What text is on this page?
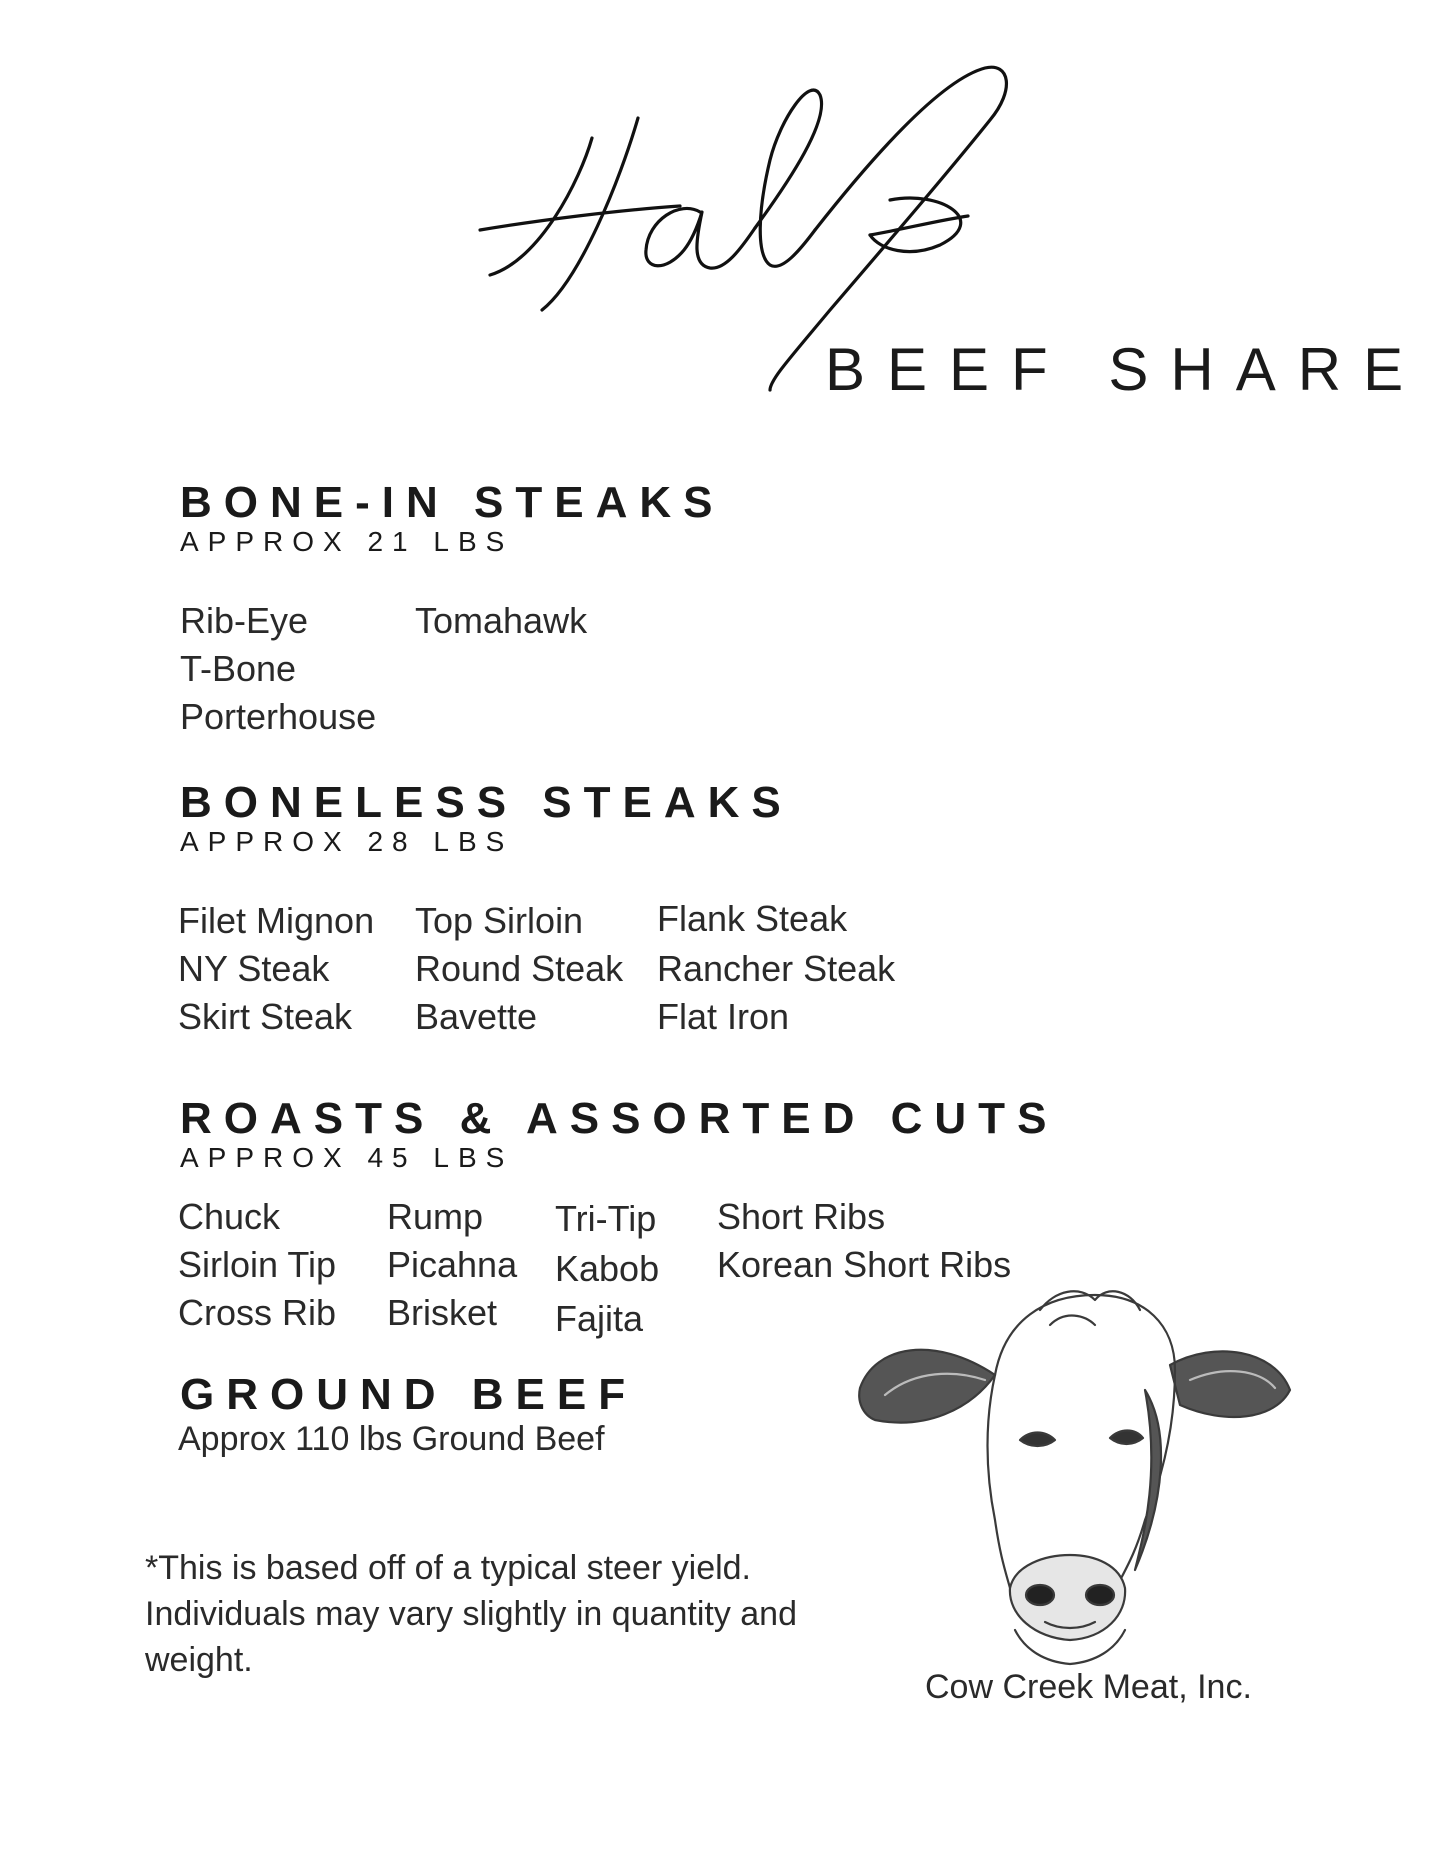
BEEF SHARE
BONE-IN STEAKS
APPROX 21 LBS
Rib-Eye
T-Bone
Porterhouse
Tomahawk
BONELESS STEAKS
APPROX 28 LBS
Filet Mignon
NY Steak
Skirt Steak
Top Sirloin
Round Steak
Bavette
Flank Steak
Rancher Steak
Flat Iron
ROASTS & ASSORTED CUTS
APPROX 45 LBS
Chuck
Sirloin Tip
Cross Rib
Rump
Picahna
Brisket
Tri-Tip
Kabob
Fajita
Short Ribs
Korean Short Ribs
GROUND BEEF
Approx 110 lbs Ground Beef
*This is based off of a typical steer yield. Individuals may vary slightly in quantity and weight.
Cow Creek Meat, Inc.
